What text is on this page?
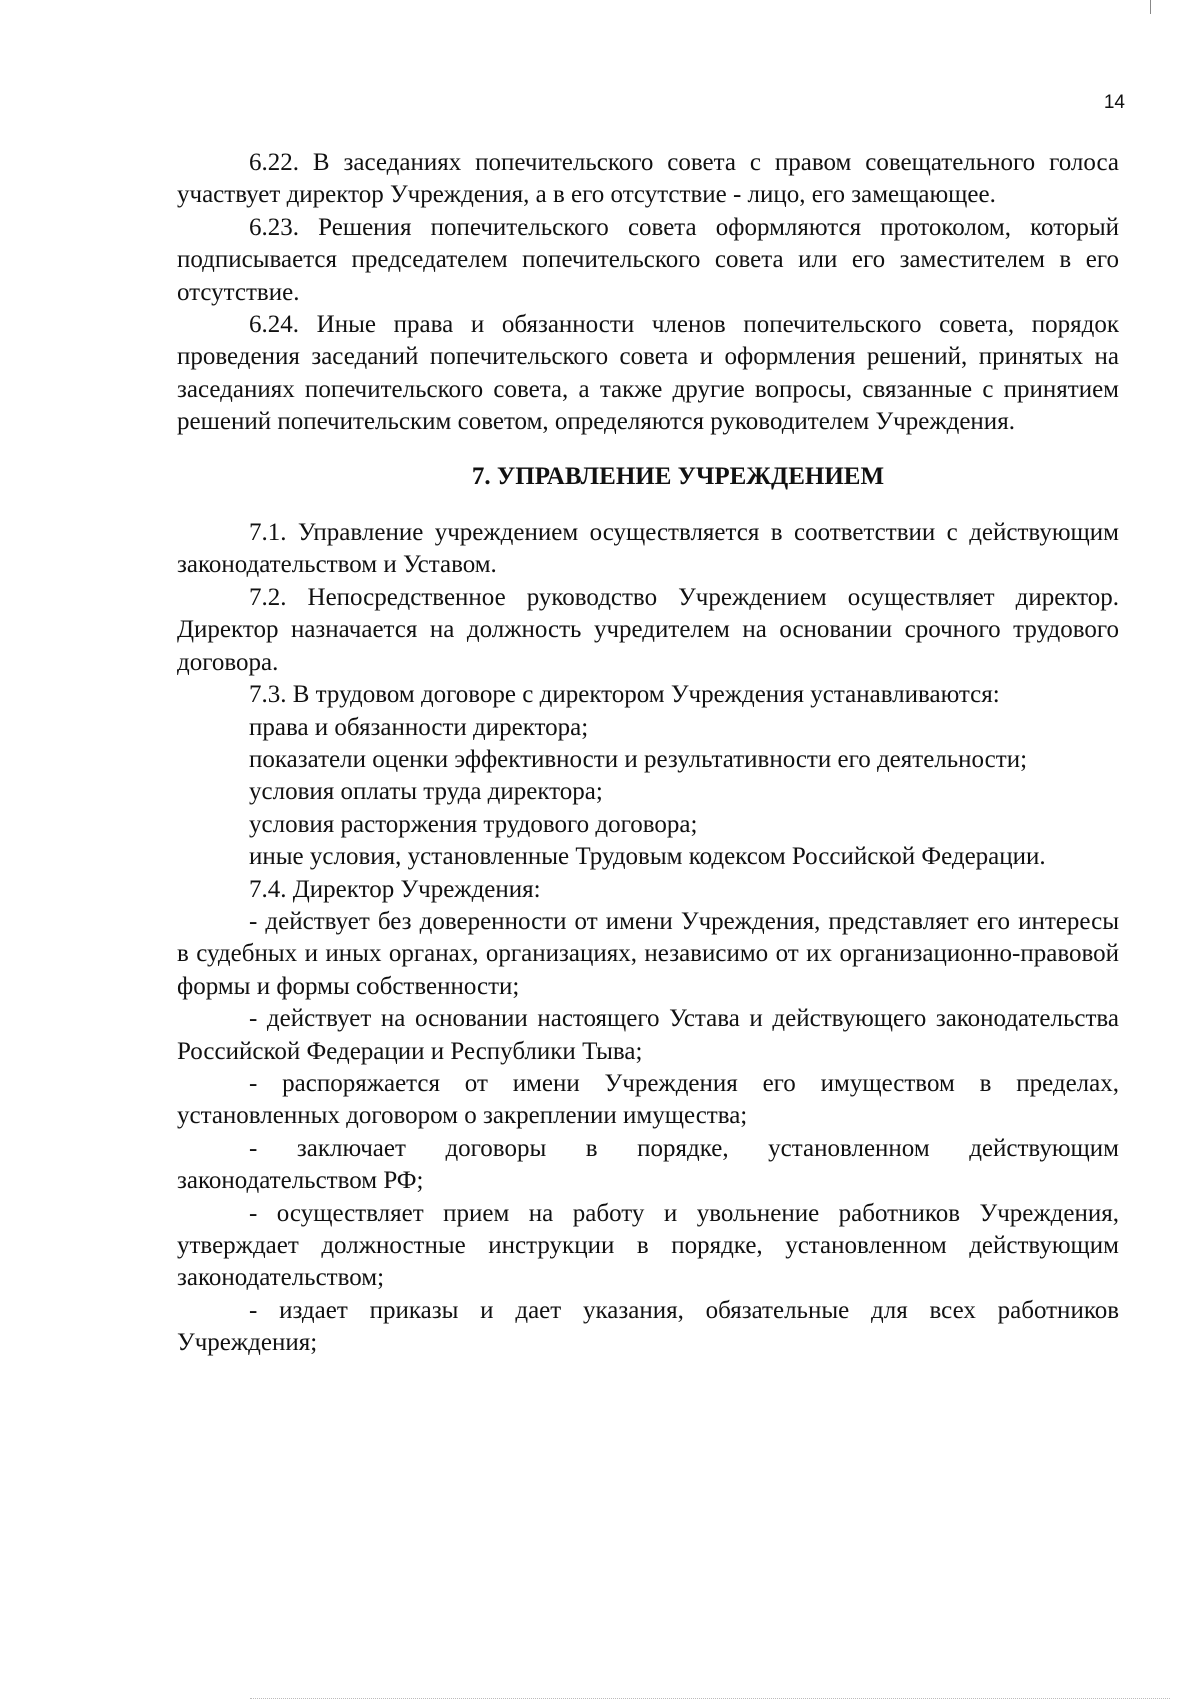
14

6.22. В заседаниях попечительского совета с правом совещательного голоса участвует директор Учреждения, а в его отсутствие - лицо, его замещающее.

6.23. Решения попечительского совета оформляются протоколом, который подписывается председателем попечительского совета или его заместителем в его отсутствие.

6.24. Иные права и обязанности членов попечительского совета, порядок проведения заседаний попечительского совета и оформления решений, принятых на заседаниях попечительского совета, а также другие вопросы, связанные с принятием решений попечительским советом, определяются руководителем Учреждения.

7. УПРАВЛЕНИЕ УЧРЕЖДЕНИЕМ

7.1. Управление учреждением осуществляется в соответствии с действующим законодательством и Уставом.

7.2. Непосредственное руководство Учреждением осуществляет директор. Директор назначается на должность учредителем на основании срочного трудового договора.

7.3. В трудовом договоре с директором Учреждения устанавливаются:

права и обязанности директора;

показатели оценки эффективности и результативности его деятельности;

условия оплаты труда директора;

условия расторжения трудового договора;

иные условия, установленные Трудовым кодексом Российской Федерации.

7.4. Директор Учреждения:

- действует без доверенности от имени Учреждения, представляет его интересы в судебных и иных органах, организациях, независимо от их организационно-правовой формы и формы собственности;

- действует на основании настоящего Устава и действующего законодательства Российской Федерации и Республики Тыва;

- распоряжается от имени Учреждения его имуществом в пределах, установленных договором о закреплении имущества;

- заключает договоры в порядке, установленном действующим законодательством РФ;

- осуществляет прием на работу и увольнение работников Учреждения, утверждает должностные инструкции в порядке, установленном действующим законодательством;

- издает приказы и дает указания, обязательные для всех работников Учреждения;
